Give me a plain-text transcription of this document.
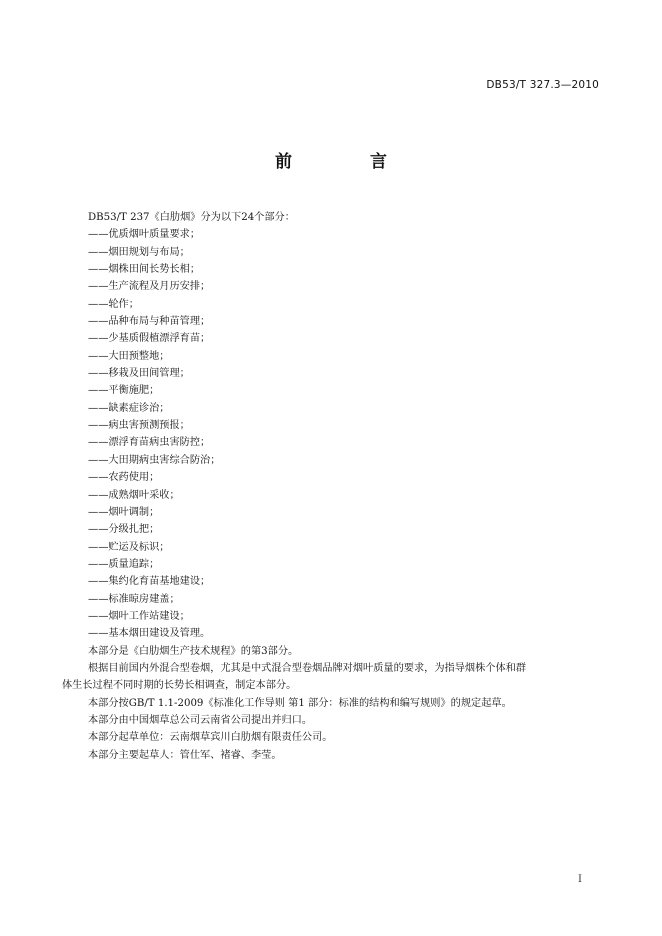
DB53/T 327.3—2010
前 言
DB53/T 237《白肋烟》分为以下24个部分：
——优质烟叶质量要求；
——烟田规划与布局；
——烟株田间长势长相；
——生产流程及月历安排；
——轮作；
——品种布局与种苗管理；
——少基质假植漂浮育苗；
——大田预整地；
——移栽及田间管理；
——平衡施肥；
——缺素症诊治；
——病虫害预测预报；
——漂浮育苗病虫害防控；
——大田期病虫害综合防治；
——农药使用；
——成熟烟叶采收；
——烟叶调制；
——分级扎把；
——贮运及标识；
——质量追踪；
——集约化育苗基地建设；
——标准晾房建盖；
——烟叶工作站建设；
——基本烟田建设及管理。
本部分是《白肋烟生产技术规程》的第3部分。
根据目前国内外混合型卷烟，尤其是中式混合型卷烟品牌对烟叶质量的要求，为指导烟株个体和群
体生长过程不同时期的长势长相调查，制定本部分。
本部分按GB/T 1.1-2009《标准化工作导则 第1 部分：标准的结构和编写规则》的规定起草。
本部分由中国烟草总公司云南省公司提出并归口。
本部分起草单位：云南烟草宾川白肋烟有限责任公司。
本部分主要起草人：管仕军、褚睿、李莹。
I
